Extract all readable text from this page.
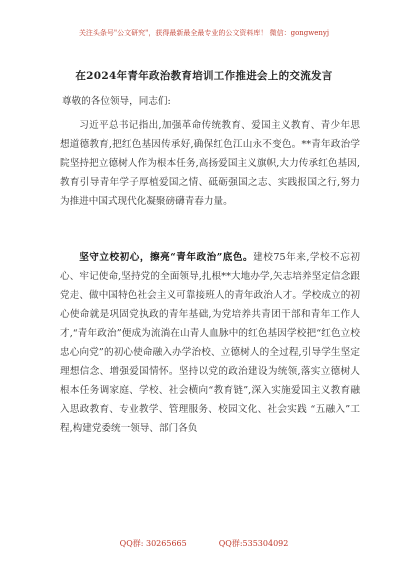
关注头条号"公文研究"，获得最新最全最专业的公文资料库！ 微信：gongwenyj
在2024年青年政治教育培训工作推进会上的交流发言
尊敬的各位领导，同志们:

习近平总书记指出,加强革命传统教育、爱国主义教育、青少年思想道德教育,把红色基因传承好,确保红色江山永不变色。**青年政治学院坚持把立德树人作为根本任务,高扬爱国主义旗帜,大力传承红色基因,教育引导青年学子厚植爱国之情、砥砺强国之志、实践报国之行,努力为推进中国式现代化凝聚磅礴青春力量。

坚守立校初心，擦亮“青年政治”底色。建校75年来,学校不忘初心、牢记使命,坚持党的全面领导,扎根**大地办学,矢志培养坚定信念跟党走、做中国特色社会主义可靠接班人的青年政治人才。学校成立的初心使命就是巩固党执政的青年基础,为党培养共青团干部和青年工作人才,“青年政治”便成为流淌在山青人血脉中的红色基因学校把“红色立校 忠心向党”的初心使命融入办学治校、立德树人的全过程,引导学生坚定理想信念、增强爱国情怀。坚持以党的政治建设为统领,落实立德树人根本任务调家庭、学校、社会横向“教育链”,深入实施爱国主义教育融入思政教育、专业教学、管理服务、校园文化、社会实践 “五融入”工程,构建党委统一领导、部门各负

QQ群: 30265665	QQ群:535304092
